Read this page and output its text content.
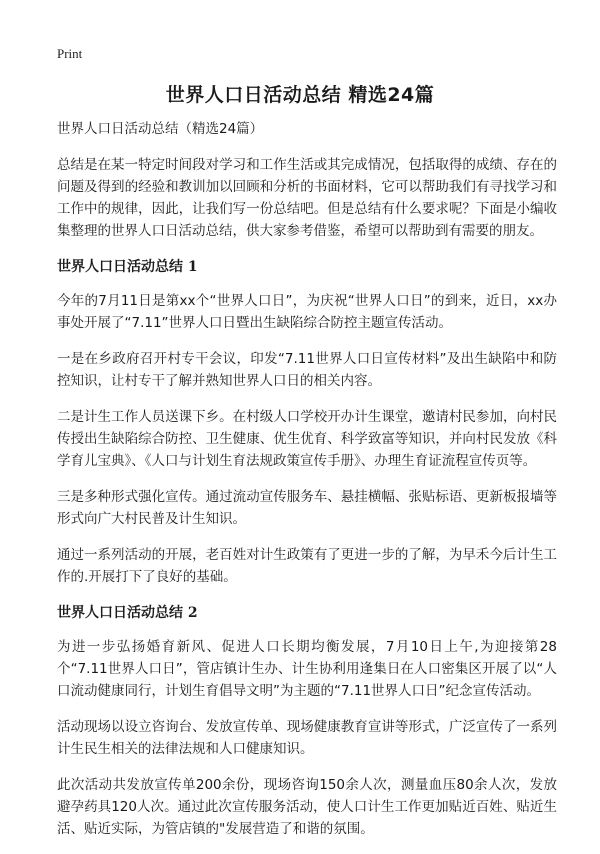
Print
世界人口日活动总结 精选24篇

世界人口日活动总结（精选24篇）

总结是在某一特定时间段对学习和工作生活或其完成情况，包括取得的成绩、存在的问题及得到的经验和教训加以回顾和分析的书面材料，它可以帮助我们有寻找学习和工作中的规律，因此，让我们写一份总结吧。但是总结有什么要求呢？下面是小编收集整理的世界人口日活动总结，供大家参考借鉴，希望可以帮助到有需要的朋友。

世界人口日活动总结 1

今年的7月11日是第xx个“世界人口日”，为庆祝“世界人口日”的到来，近日，xx办事处开展了“7.11”世界人口日暨出生缺陷综合防控主题宣传活动。

一是在乡政府召开村专干会议，印发“7.11世界人口日宣传材料”及出生缺陷中和防控知识，让村专干了解并熟知世界人口日的相关内容。

二是计生工作人员送课下乡。在村级人口学校开办计生课堂，邀请村民参加，向村民传授出生缺陷综合防控、卫生健康、优生优育、科学致富等知识，并向村民发放《科学育儿宝典》、《人口与计划生育法规政策宣传手册》、办理生育证流程宣传页等。

三是多种形式强化宣传。通过流动宣传服务车、悬挂横幅、张贴标语、更新板报墙等形式向广大村民普及计生知识。

通过一系列活动的开展，老百姓对计生政策有了更进一步的了解，为早禾今后计生工作的.开展打下了良好的基础。

世界人口日活动总结 2

为进一步弘扬婚育新风、促进人口长期均衡发展，7月10日上午,为迎接第28个“7.11世界人口日”，管店镇计生办、计生协利用逢集日在人口密集区开展了以“人口流动健康同行，计划生育倡导文明”为主题的“7.11世界人口日”纪念宣传活动。

活动现场以设立咨询台、发放宣传单、现场健康教育宣讲等形式，广泛宣传了一系列计生民生相关的法律法规和人口健康知识。

此次活动共发放宣传单200余份，现场咨询150余人次，测量血压80余人次，发放避孕药具120人次。通过此次宣传服务活动，使人口计生工作更加贴近百姓、贴近生活、贴近实际，为管店镇的"发展营造了和谐的氛围。
